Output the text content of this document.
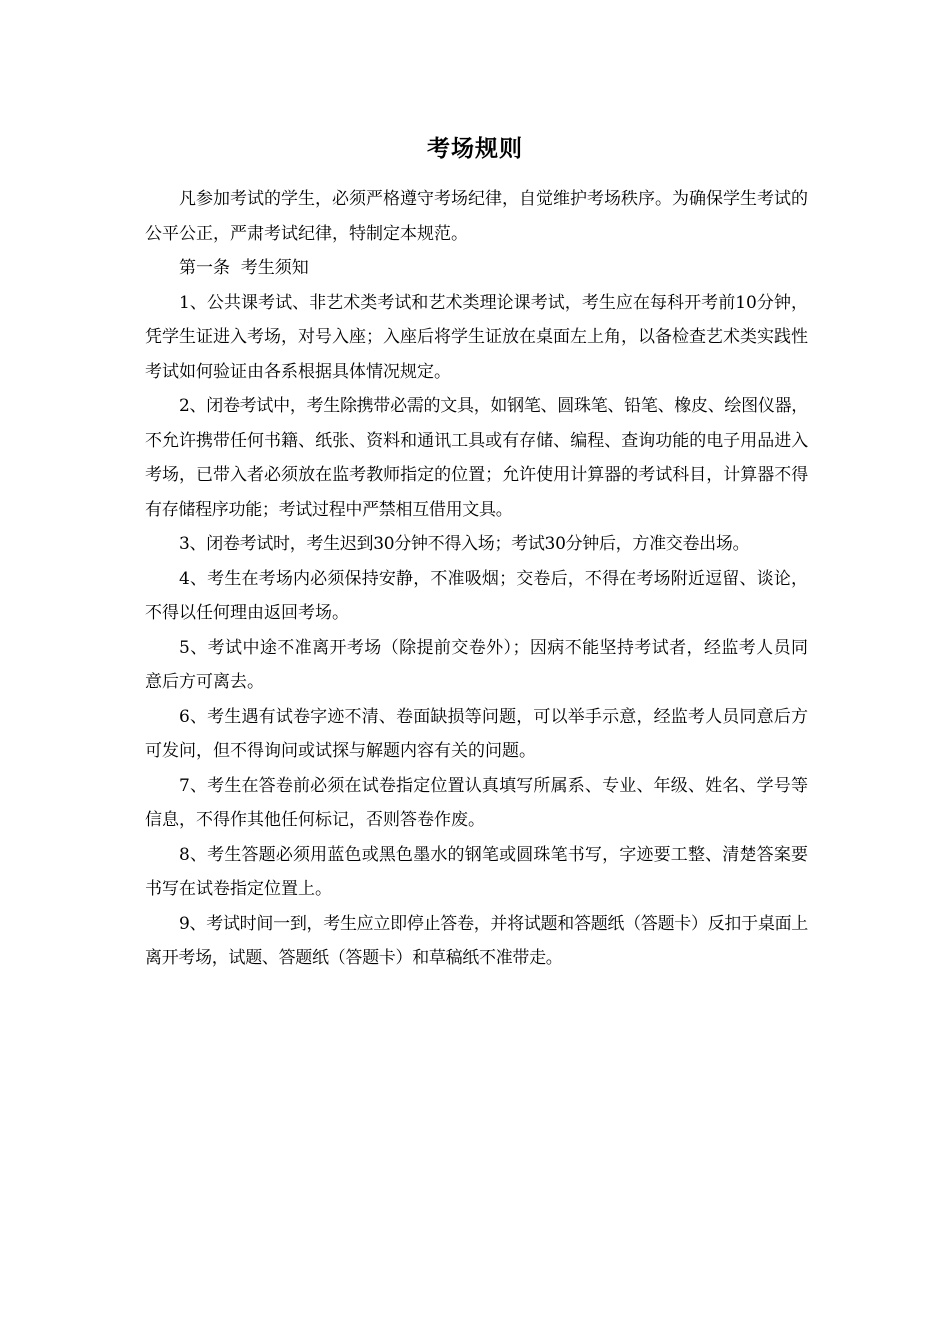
考场规则

凡参加考试的学生，必须严格遵守考场纪律，自觉维护考场秩序。为确保学生考试的公平公正，严肃考试纪律，特制定本规范。

第一条  考生须知

1、公共课考试、非艺术类考试和艺术类理论课考试，考生应在每科开考前10分钟，凭学生证进入考场，对号入座；入座后将学生证放在桌面左上角，以备检查艺术类实践性考试如何验证由各系根据具体情况规定。

2、闭卷考试中，考生除携带必需的文具，如钢笔、圆珠笔、铅笔、橡皮、绘图仪器，不允许携带任何书籍、纸张、资料和通讯工具或有存储、编程、查询功能的电子用品进入考场，已带入者必须放在监考教师指定的位置；允许使用计算器的考试科目，计算器不得有存储程序功能；考试过程中严禁相互借用文具。

3、闭卷考试时，考生迟到30分钟不得入场；考试30分钟后，方准交卷出场。

4、考生在考场内必须保持安静，不准吸烟；交卷后，不得在考场附近逗留、谈论，不得以任何理由返回考场。

5、考试中途不准离开考场（除提前交卷外）；因病不能坚持考试者，经监考人员同意后方可离去。

6、考生遇有试卷字迹不清、卷面缺损等问题，可以举手示意，经监考人员同意后方可发问，但不得询问或试探与解题内容有关的问题。

7、考生在答卷前必须在试卷指定位置认真填写所属系、专业、年级、姓名、学号等信息，不得作其他任何标记，否则答卷作废。

8、考生答题必须用蓝色或黑色墨水的钢笔或圆珠笔书写，字迹要工整、清楚答案要书写在试卷指定位置上。

9、考试时间一到，考生应立即停止答卷，并将试题和答题纸（答题卡）反扣于桌面上离开考场，试题、答题纸（答题卡）和草稿纸不准带走。
